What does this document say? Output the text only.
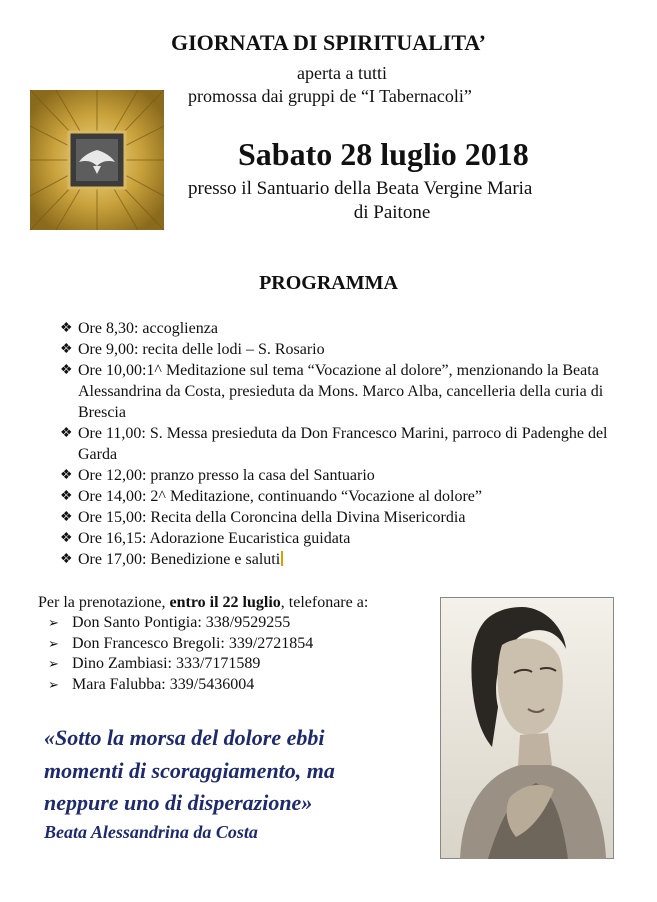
GIORNATA DI SPIRITUALITA’
aperta a tutti
promossa dai gruppi de “I Tabernacoli”
Sabato 28 luglio 2018
presso il Santuario della Beata Vergine Maria
di Paitone
PROGRAMMA
❖ Ore 8,30: accoglienza
❖ Ore 9,00: recita delle lodi – S. Rosario
❖ Ore 10,00:1^ Meditazione sul tema “Vocazione al dolore”, menzionando la Beata Alessandrina da Costa, presieduta da Mons. Marco Alba, cancelleria della curia di Brescia
❖ Ore 11,00: S. Messa presieduta da Don Francesco Marini, parroco di Padenghe del Garda
❖ Ore 12,00: pranzo presso la casa del Santuario
❖ Ore 14,00: 2^ Meditazione, continuando “Vocazione al dolore”
❖ Ore 15,00: Recita della Coroncina della Divina Misericordia
❖ Ore 16,15: Adorazione Eucaristica guidata
❖ Ore 17,00: Benedizione e saluti
Per la prenotazione, entro il 22 luglio, telefonare a:
➢ Don Santo Pontigia: 338/9529255
➢ Don Francesco Bregoli: 339/2721854
➢ Dino Zambiasi: 333/7171589
➢ Mara Falubba: 339/5436004
«Sotto la morsa del dolore ebbi
momenti di scoraggiamento, ma
neppure uno di disperazione»
Beata Alessandrina da Costa
